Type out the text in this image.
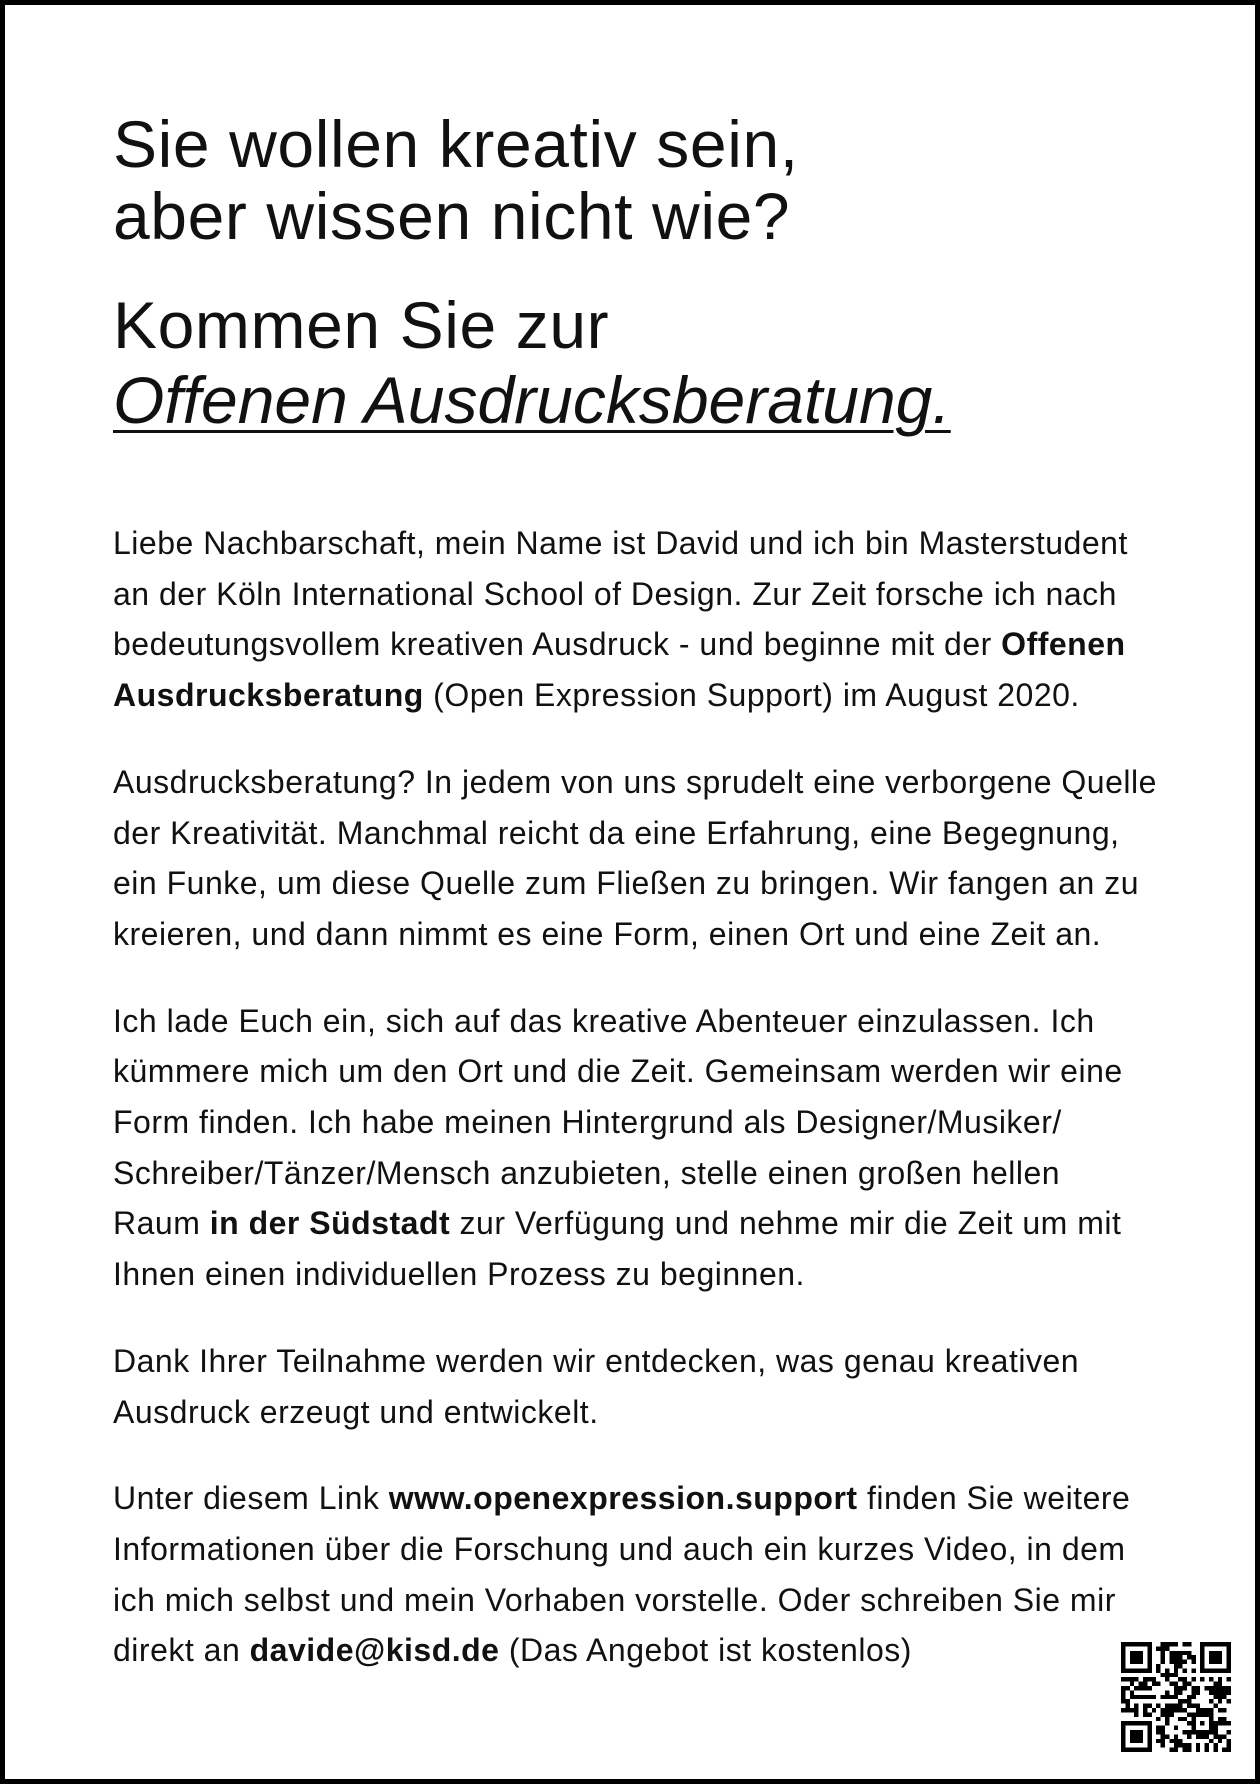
Sie wollen kreativ sein,
aber wissen nicht wie?
Kommen Sie zur
Offenen Ausdrucksberatung.
Liebe Nachbarschaft, mein Name ist David und ich bin Masterstudent
an der Köln International School of Design. Zur Zeit forsche ich nach
bedeutungsvollem kreativen Ausdruck - und beginne mit der Offenen
Ausdrucksberatung (Open Expression Support) im August 2020.
Ausdrucksberatung? In jedem von uns sprudelt eine verborgene Quelle
der Kreativität. Manchmal reicht da eine Erfahrung, eine Begegnung,
ein Funke, um diese Quelle zum Fließen zu bringen. Wir fangen an zu
kreieren, und dann nimmt es eine Form, einen Ort und eine Zeit an.
Ich lade Euch ein, sich auf das kreative Abenteuer einzulassen. Ich
kümmere mich um den Ort und die Zeit. Gemeinsam werden wir eine
Form finden. Ich habe meinen Hintergrund als Designer/Musiker/
Schreiber/Tänzer/Mensch anzubieten, stelle einen großen hellen
Raum in der Südstadt zur Verfügung und nehme mir die Zeit um mit
Ihnen einen individuellen Prozess zu beginnen.
Dank Ihrer Teilnahme werden wir entdecken, was genau kreativen
Ausdruck erzeugt und entwickelt.
Unter diesem Link www.openexpression.support finden Sie weitere
Informationen über die Forschung und auch ein kurzes Video, in dem
ich mich selbst und mein Vorhaben vorstelle. Oder schreiben Sie mir
direkt an davide@kisd.de (Das Angebot ist kostenlos)
